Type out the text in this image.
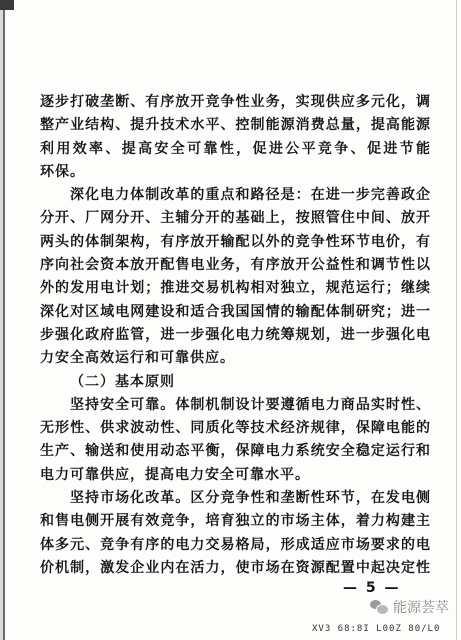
逐步打破垄断、有序放开竞争性业务，实现供应多元化，调
整产业结构、提升技术水平、控制能源消费总量，提高能源
利用效率、提高安全可靠性，促进公平竞争、促进节能
环保。
深化电力体制改革的重点和路径是：在进一步完善政企
分开、厂网分开、主辅分开的基础上，按照管住中间、放开
两头的体制架构，有序放开输配以外的竞争性环节电价，有
序向社会资本放开配售电业务，有序放开公益性和调节性以
外的发用电计划；推进交易机构相对独立，规范运行；继续
深化对区域电网建设和适合我国国情的输配体制研究；进一
步强化政府监管，进一步强化电力统筹规划，进一步强化电
力安全高效运行和可靠供应。
（二）基本原则
坚持安全可靠。体制机制设计要遵循电力商品实时性、
无形性、供求波动性、同质化等技术经济规律，保障电能的
生产、输送和使用动态平衡，保障电力系统安全稳定运行和
电力可靠供应，提高电力安全可靠水平。
坚持市场化改革。区分竞争性和垄断性环节，在发电侧
和售电侧开展有效竞争，培育独立的市场主体，着力构建主
体多元、竞争有序的电力交易格局，形成适应市场要求的电
价机制，激发企业内在活力，使市场在资源配置中起决定性
— 5 —
能源荟萃
XV3 68:8I L00Z 80/L0
